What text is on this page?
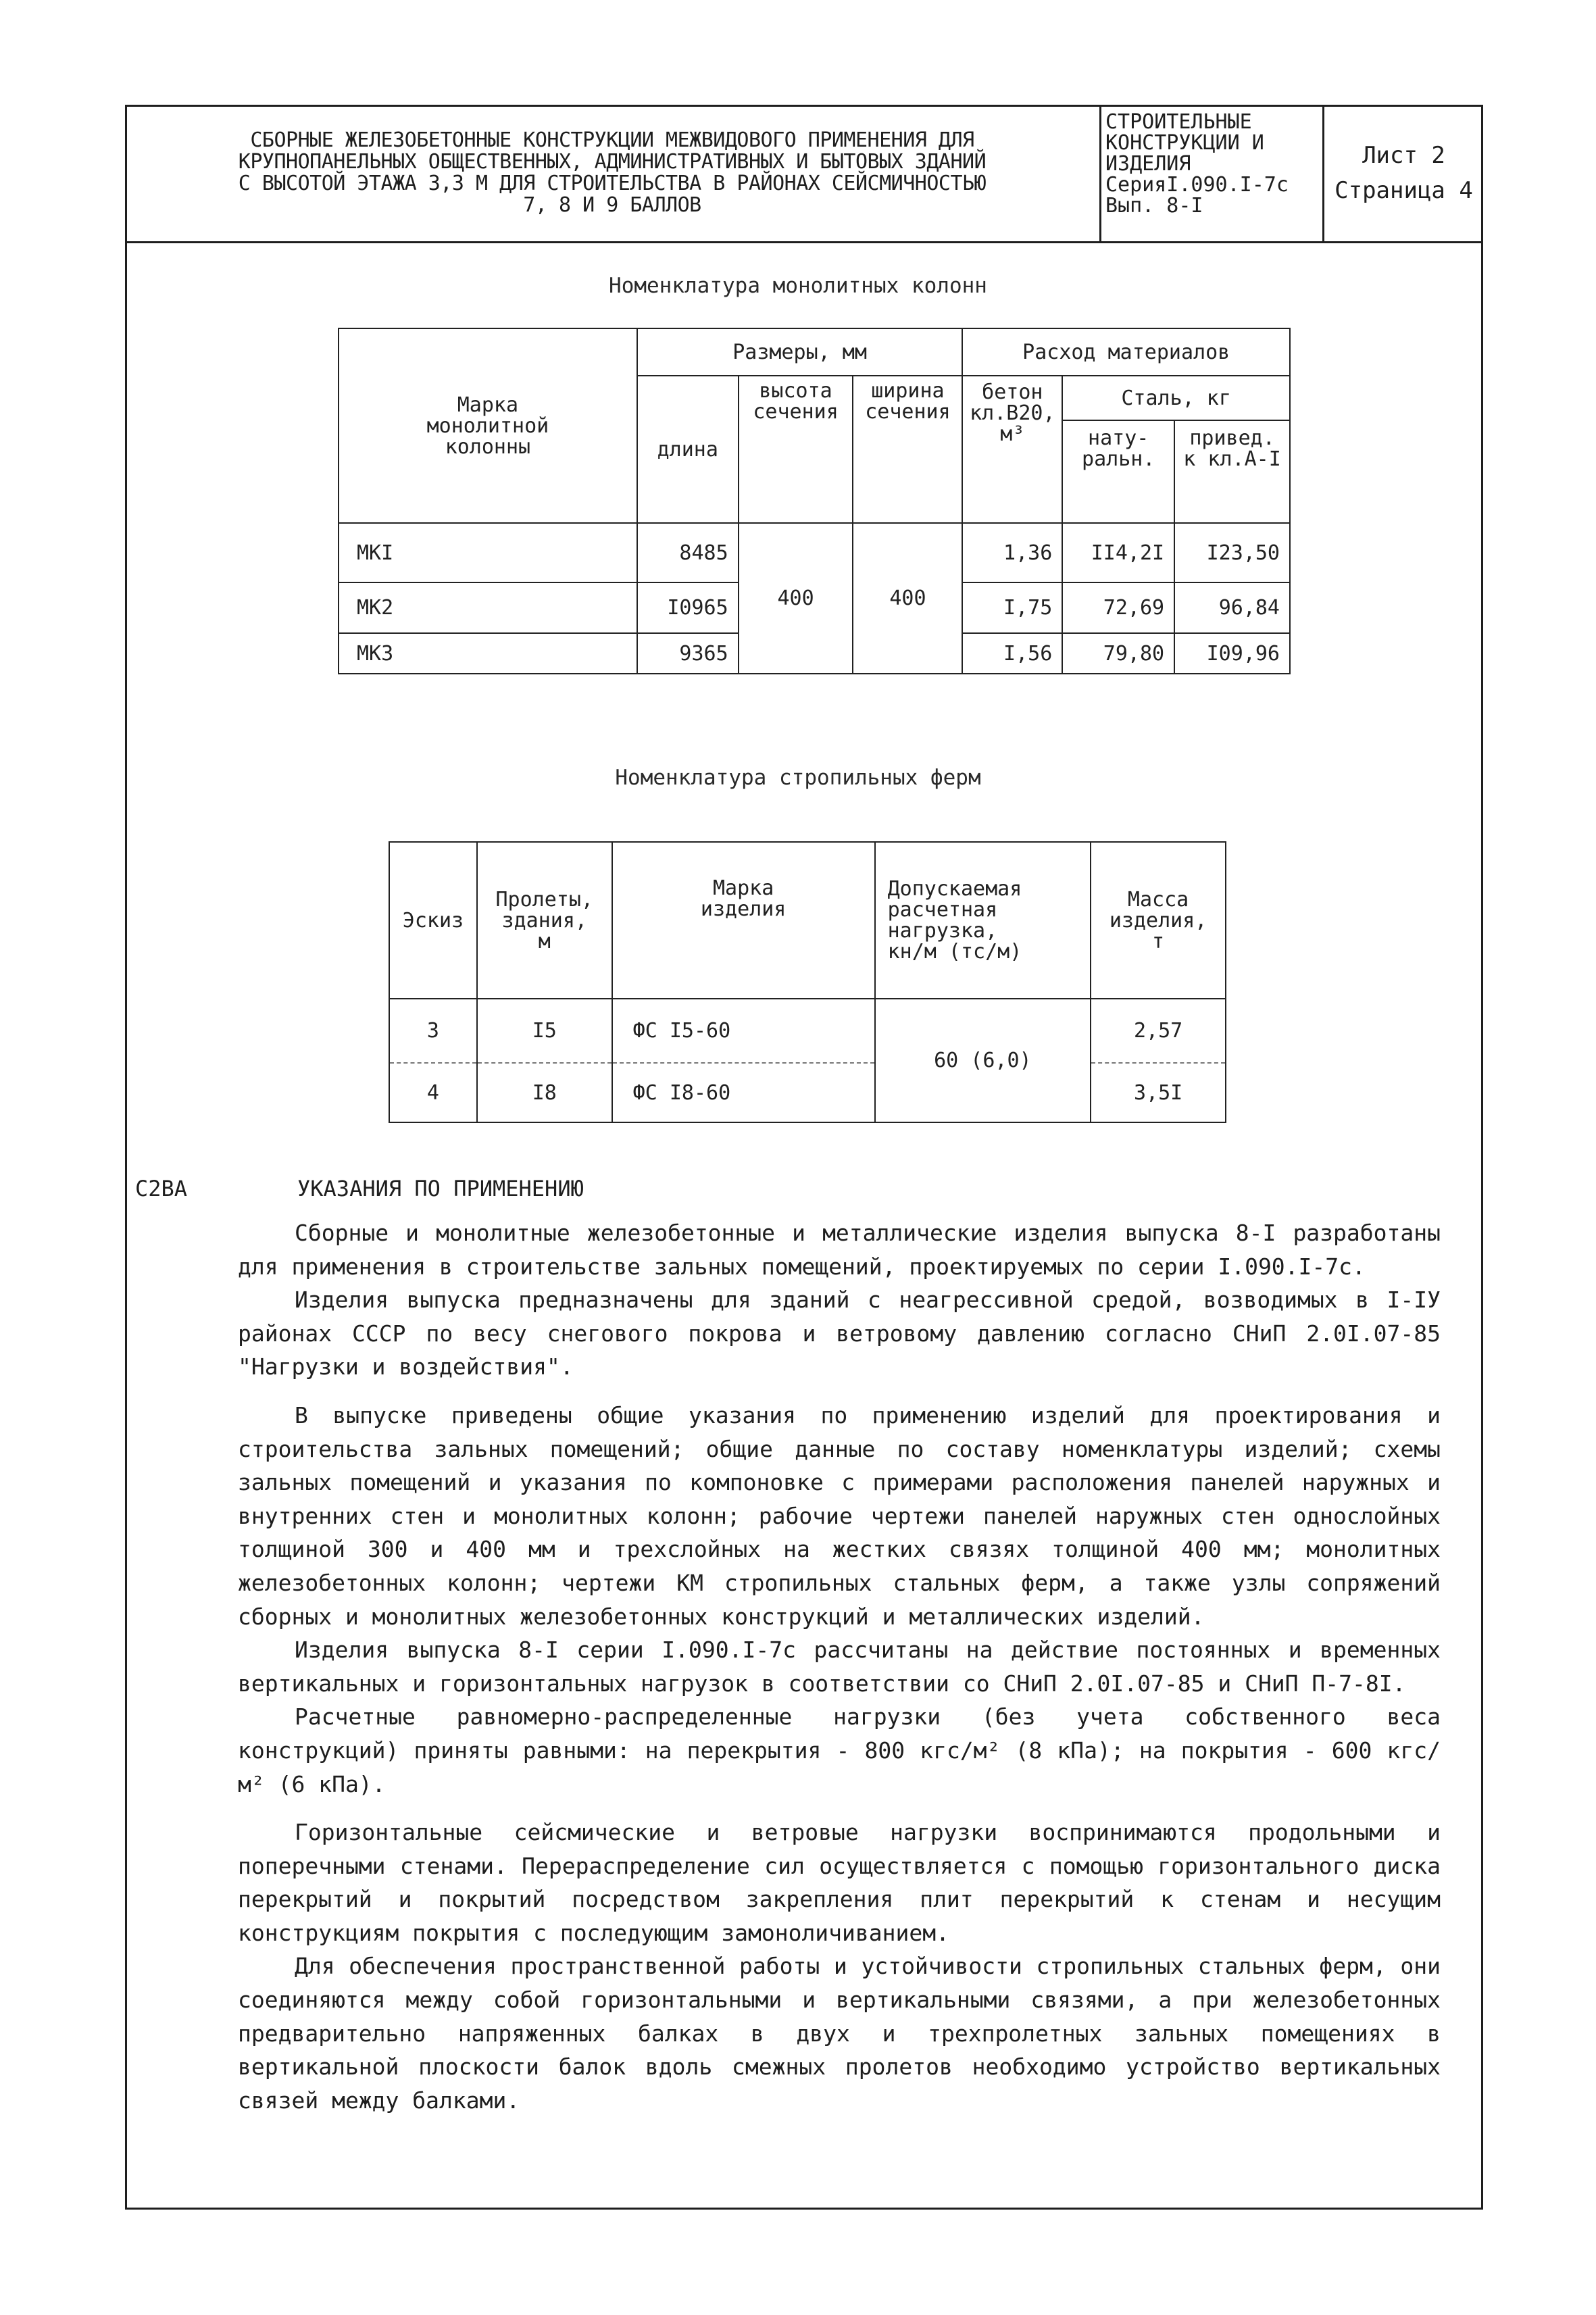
СБОРНЫЕ ЖЕЛЕЗОБЕТОННЫЕ КОНСТРУКЦИИ МЕЖВИДОВОГО ПРИМЕНЕНИЯ ДЛЯ
КРУПНОПАНЕЛЬНЫХ ОБЩЕСТВЕННЫХ, АДМИНИСТРАТИВНЫХ И БЫТОВЫХ ЗДАНИЙ
С ВЫСОТОЙ ЭТАЖА 3,3 М ДЛЯ СТРОИТЕЛЬСТВА В РАЙОНАХ СЕЙСМИЧНОСТЬЮ
7, 8 И 9 БАЛЛОВ
СТРОИТЕЛЬНЫЕ
КОНСТРУКЦИИ И
ИЗДЕЛИЯ
СерияI.090.I-7с
Вып. 8-I
Лист 2
Страница 4
Номенклатура монолитных колонн
Марка
монолитной
колонны	Размеры, мм			Расход материалов		
	длина	высота
сечения	ширина
сечения	бетон
кл.В20,
м³	Сталь, кг	
					нату-
ральн.	привед.
к кл.А-I
МКI	8485	400	400	1,36	II4,2I	I23,50
МК2	I0965			I,75	72,69	96,84
МК3	9365			I,56	79,80	I09,96
Номенклатура стропильных ферм
Эскиз	Пролеты,
здания,
м	Марка
изделия	Допускаемая
расчетная
нагрузка,
кн/м (тс/м)	Масса
изделия,
т
3	I5	ФС I5-60	60 (6,0)	2,57
4	I8	ФС I8-60		3,5I
С2ВА	УКАЗАНИЯ ПО ПРИМЕНЕНИЮ

Сборные и монолитные железобетонные и металлические изделия выпуска 8-I разработаны для применения в строительстве зальных помещений, проектируемых по серии I.090.I-7с.

Изделия выпуска предназначены для зданий с неагрессивной средой, возводимых в I-IУ районах СССР по весу снегового покрова и ветровому давлению согласно СНиП 2.0I.07-85 "Нагрузки и воздействия".

В выпуске приведены общие указания по применению изделий для проектирования и строительства зальных помещений; общие данные по составу номенклатуры изделий; схемы зальных помещений и указания по компоновке с примерами расположения панелей наружных и внутренних стен и монолитных колонн; рабочие чертежи панелей наружных стен однослойных толщиной 300 и 400 мм и трехслойных на жестких связях толщиной 400 мм; монолитных железобетонных колонн; чертежи КМ стропильных стальных ферм, а также узлы сопряжений сборных и монолитных железобетонных конструкций и металлических изделий.

Изделия выпуска 8-I серии I.090.I-7с рассчитаны на действие постоянных и временных вертикальных и горизонтальных нагрузок в соответствии со СНиП 2.0I.07-85 и СНиП П-7-8I.

Расчетные равномерно-распределенные нагрузки (без учета собственного веса конструкций) приняты равными: на перекрытия - 800 кгс/м² (8 кПа); на покрытия - 600 кгс/м² (6 кПа).

Горизонтальные сейсмические и ветровые нагрузки воспринимаются продольными и поперечными стенами. Перераспределение сил осуществляется с помощью горизонтального диска перекрытий и покрытий посредством закрепления плит перекрытий к стенам и несущим конструкциям покрытия с последующим замоноличиванием.

Для обеспечения пространственной работы и устойчивости стропильных стальных ферм, они соединяются между собой горизонтальными и вертикальными связями, а при железобетонных предварительно напряженных балках в двух и трехпролетных зальных помещениях в вертикальной плоскости балок вдоль смежных пролетов необходимо устройство вертикальных связей между балками.
